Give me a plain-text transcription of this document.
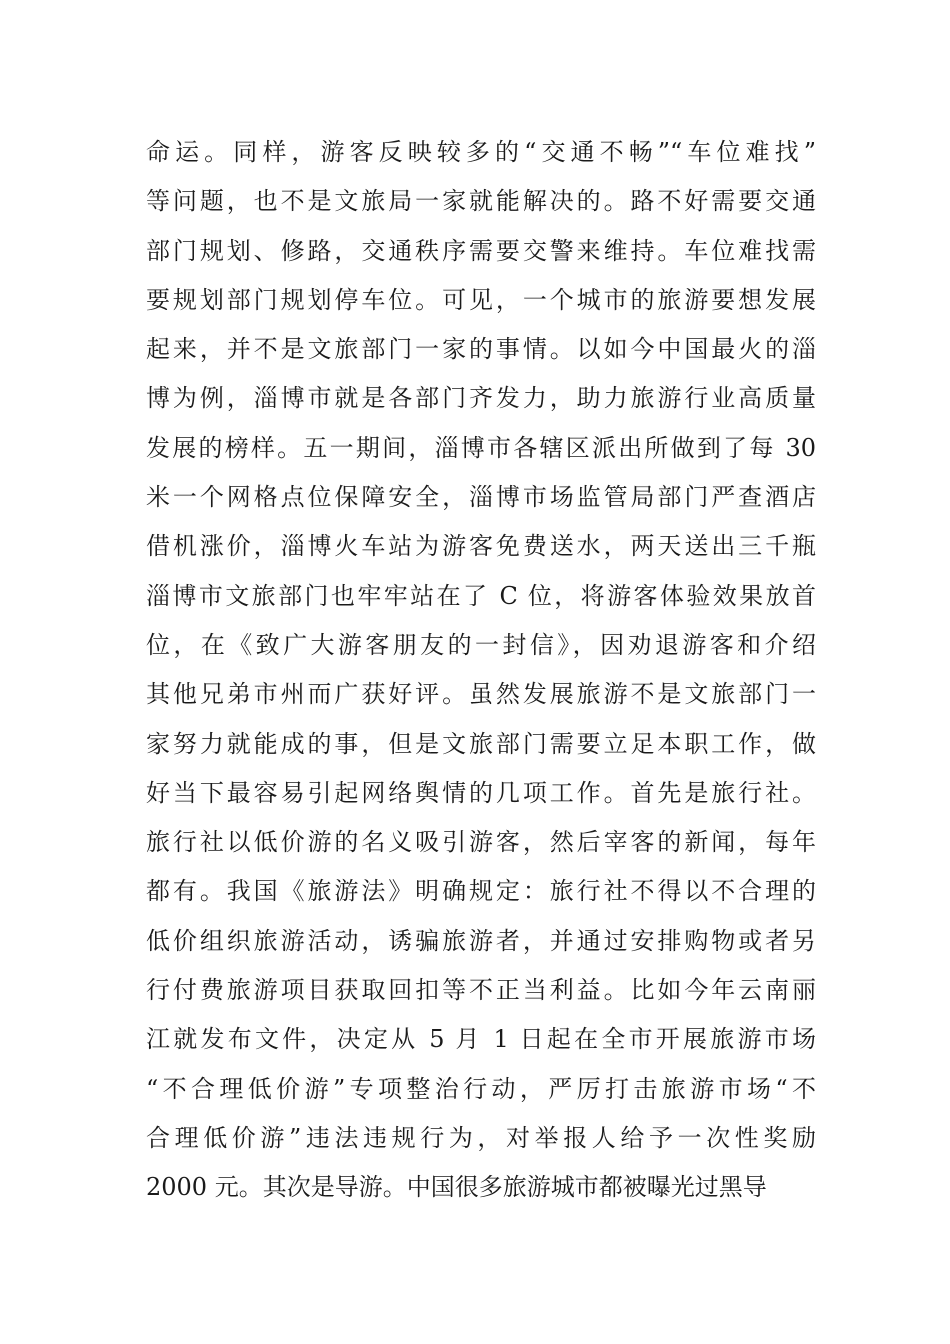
命运。同样，游客反映较多的“交通不畅”“车位难找”
等问题，也不是文旅局一家就能解决的。路不好需要交通
部门规划、修路，交通秩序需要交警来维持。车位难找需
要规划部门规划停车位。可见，一个城市的旅游要想发展
起来，并不是文旅部门一家的事情。以如今中国最火的淄
博为例，淄博市就是各部门齐发力，助力旅游行业高质量
发展的榜样。五一期间，淄博市各辖区派出所做到了每 30
米一个网格点位保障安全，淄博市场监管局部门严查酒店
借机涨价，淄博火车站为游客免费送水，两天送出三千瓶
淄博市文旅部门也牢牢站在了 C 位，将游客体验效果放首
位，在《致广大游客朋友的一封信》，因劝退游客和介绍
其他兄弟市州而广获好评。虽然发展旅游不是文旅部门一
家努力就能成的事，但是文旅部门需要立足本职工作，做
好当下最容易引起网络舆情的几项工作。首先是旅行社。
旅行社以低价游的名义吸引游客，然后宰客的新闻，每年
都有。我国《旅游法》明确规定：旅行社不得以不合理的
低价组织旅游活动，诱骗旅游者，并通过安排购物或者另
行付费旅游项目获取回扣等不正当利益。比如今年云南丽
江就发布文件，决定从 5 月 1 日起在全市开展旅游市场
“不合理低价游”专项整治行动，严厉打击旅游市场“不
合理低价游”违法违规行为，对举报人给予一次性奖励
2000 元。其次是导游。中国很多旅游城市都被曝光过黑导
